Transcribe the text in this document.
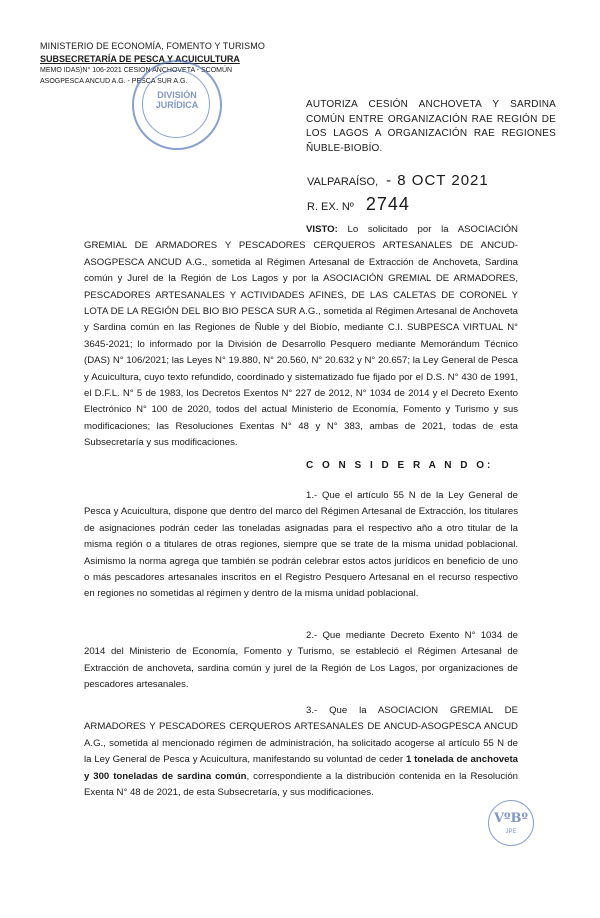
MINISTERIO DE ECONOMÍA, FOMENTO Y TURISMO
SUBSECRETARÍA DE PESCA Y ACUICULTURA
MEMO IDAS)N° 106-2021 CESION ANCHOVETA - SCOMÚN
ASOGPESCA ANCUD A.G. - PESCA SUR A.G.
DIVISIÓN
JURÍDICA	AUTORIZA CESIÓN ANCHOVETA Y SARDINA COMÚN ENTRE ORGANIZACIÓN RAE REGIÓN DE LOS LAGOS A ORGANIZACIÓN RAE REGIONES ÑUBLE-BIOBÍO.
VALPARAÍSO, - 8 OCT 2021
R. EX. Nº 2744
VISTO: Lo solicitado por la ASOCIACIÓN GREMIAL DE ARMADORES Y PESCADORES CERQUEROS ARTESANALES DE ANCUD-ASOGPESCA ANCUD A.G., sometida al Régimen Artesanal de Extracción de Anchoveta, Sardina común y Jurel de la Región de Los Lagos y por la ASOCIACIÓN GREMIAL DE ARMADORES, PESCADORES ARTESANALES Y ACTIVIDADES AFINES, DE LAS CALETAS DE CORONEL Y LOTA DE LA REGIÓN DEL BIO BIO PESCA SUR A.G., sometida al Régimen Artesanal de Anchoveta y Sardina común en las Regiones de Ñuble y del Biobío, mediante C.I. SUBPESCA VIRTUAL N° 3645-2021; lo informado por la División de Desarrollo Pesquero mediante Memorándum Técnico (DAS) N° 106/2021; las Leyes N° 19.880, N° 20.560, N° 20.632 y N° 20.657; la Ley General de Pesca y Acuicultura, cuyo texto refundido, coordinado y sistematizado fue fijado por el D.S. N° 430 de 1991, el D.F.L. N° 5 de 1983, los Decretos Exentos N° 227 de 2012, N° 1034 de 2014 y el Decreto Exento Electrónico N° 100 de 2020, todos del actual Ministerio de Economía, Fomento y Turismo y sus modificaciones; las Resoluciones Exentas N° 48 y N° 383, ambas de 2021, todas de esta Subsecretaría y sus modificaciones.
C O N S I D E R A N D O:
1.- Que el artículo 55 N de la Ley General de Pesca y Acuicultura, dispone que dentro del marco del Régimen Artesanal de Extracción, los titulares de asignaciones podrán ceder las toneladas asignadas para el respectivo año a otro titular de la misma región o a titulares de otras regiones, siempre que se trate de la misma unidad poblacional. Asimismo la norma agrega que también se podrán celebrar estos actos jurídicos en beneficio de uno o más pescadores artesanales inscritos en el Registro Pesquero Artesanal en el recurso respectivo en regiones no sometidas al régimen y dentro de la misma unidad poblacional.
2.- Que mediante Decreto Exento N° 1034 de 2014 del Ministerio de Economía, Fomento y Turismo, se estableció el Régimen Artesanal de Extracción de anchoveta, sardina común y jurel de la Región de Los Lagos, por organizaciones de pescadores artesanales.
3.- Que la ASOCIACION GREMIAL DE ARMADORES Y PESCADORES CERQUEROS ARTESANALES DE ANCUD-ASOGPESCA ANCUD A.G., sometida al mencionado régimen de administración, ha solicitado acogerse al artículo 55 N de la Ley General de Pesca y Acuicultura, manifestando su voluntad de ceder 1 tonelada de anchoveta y 300 toneladas de sardina común, correspondiente a la distribución contenida en la Resolución Exenta N° 48 de 2021, de esta Subsecretaría, y sus modificaciones.
VºBº
JPE
